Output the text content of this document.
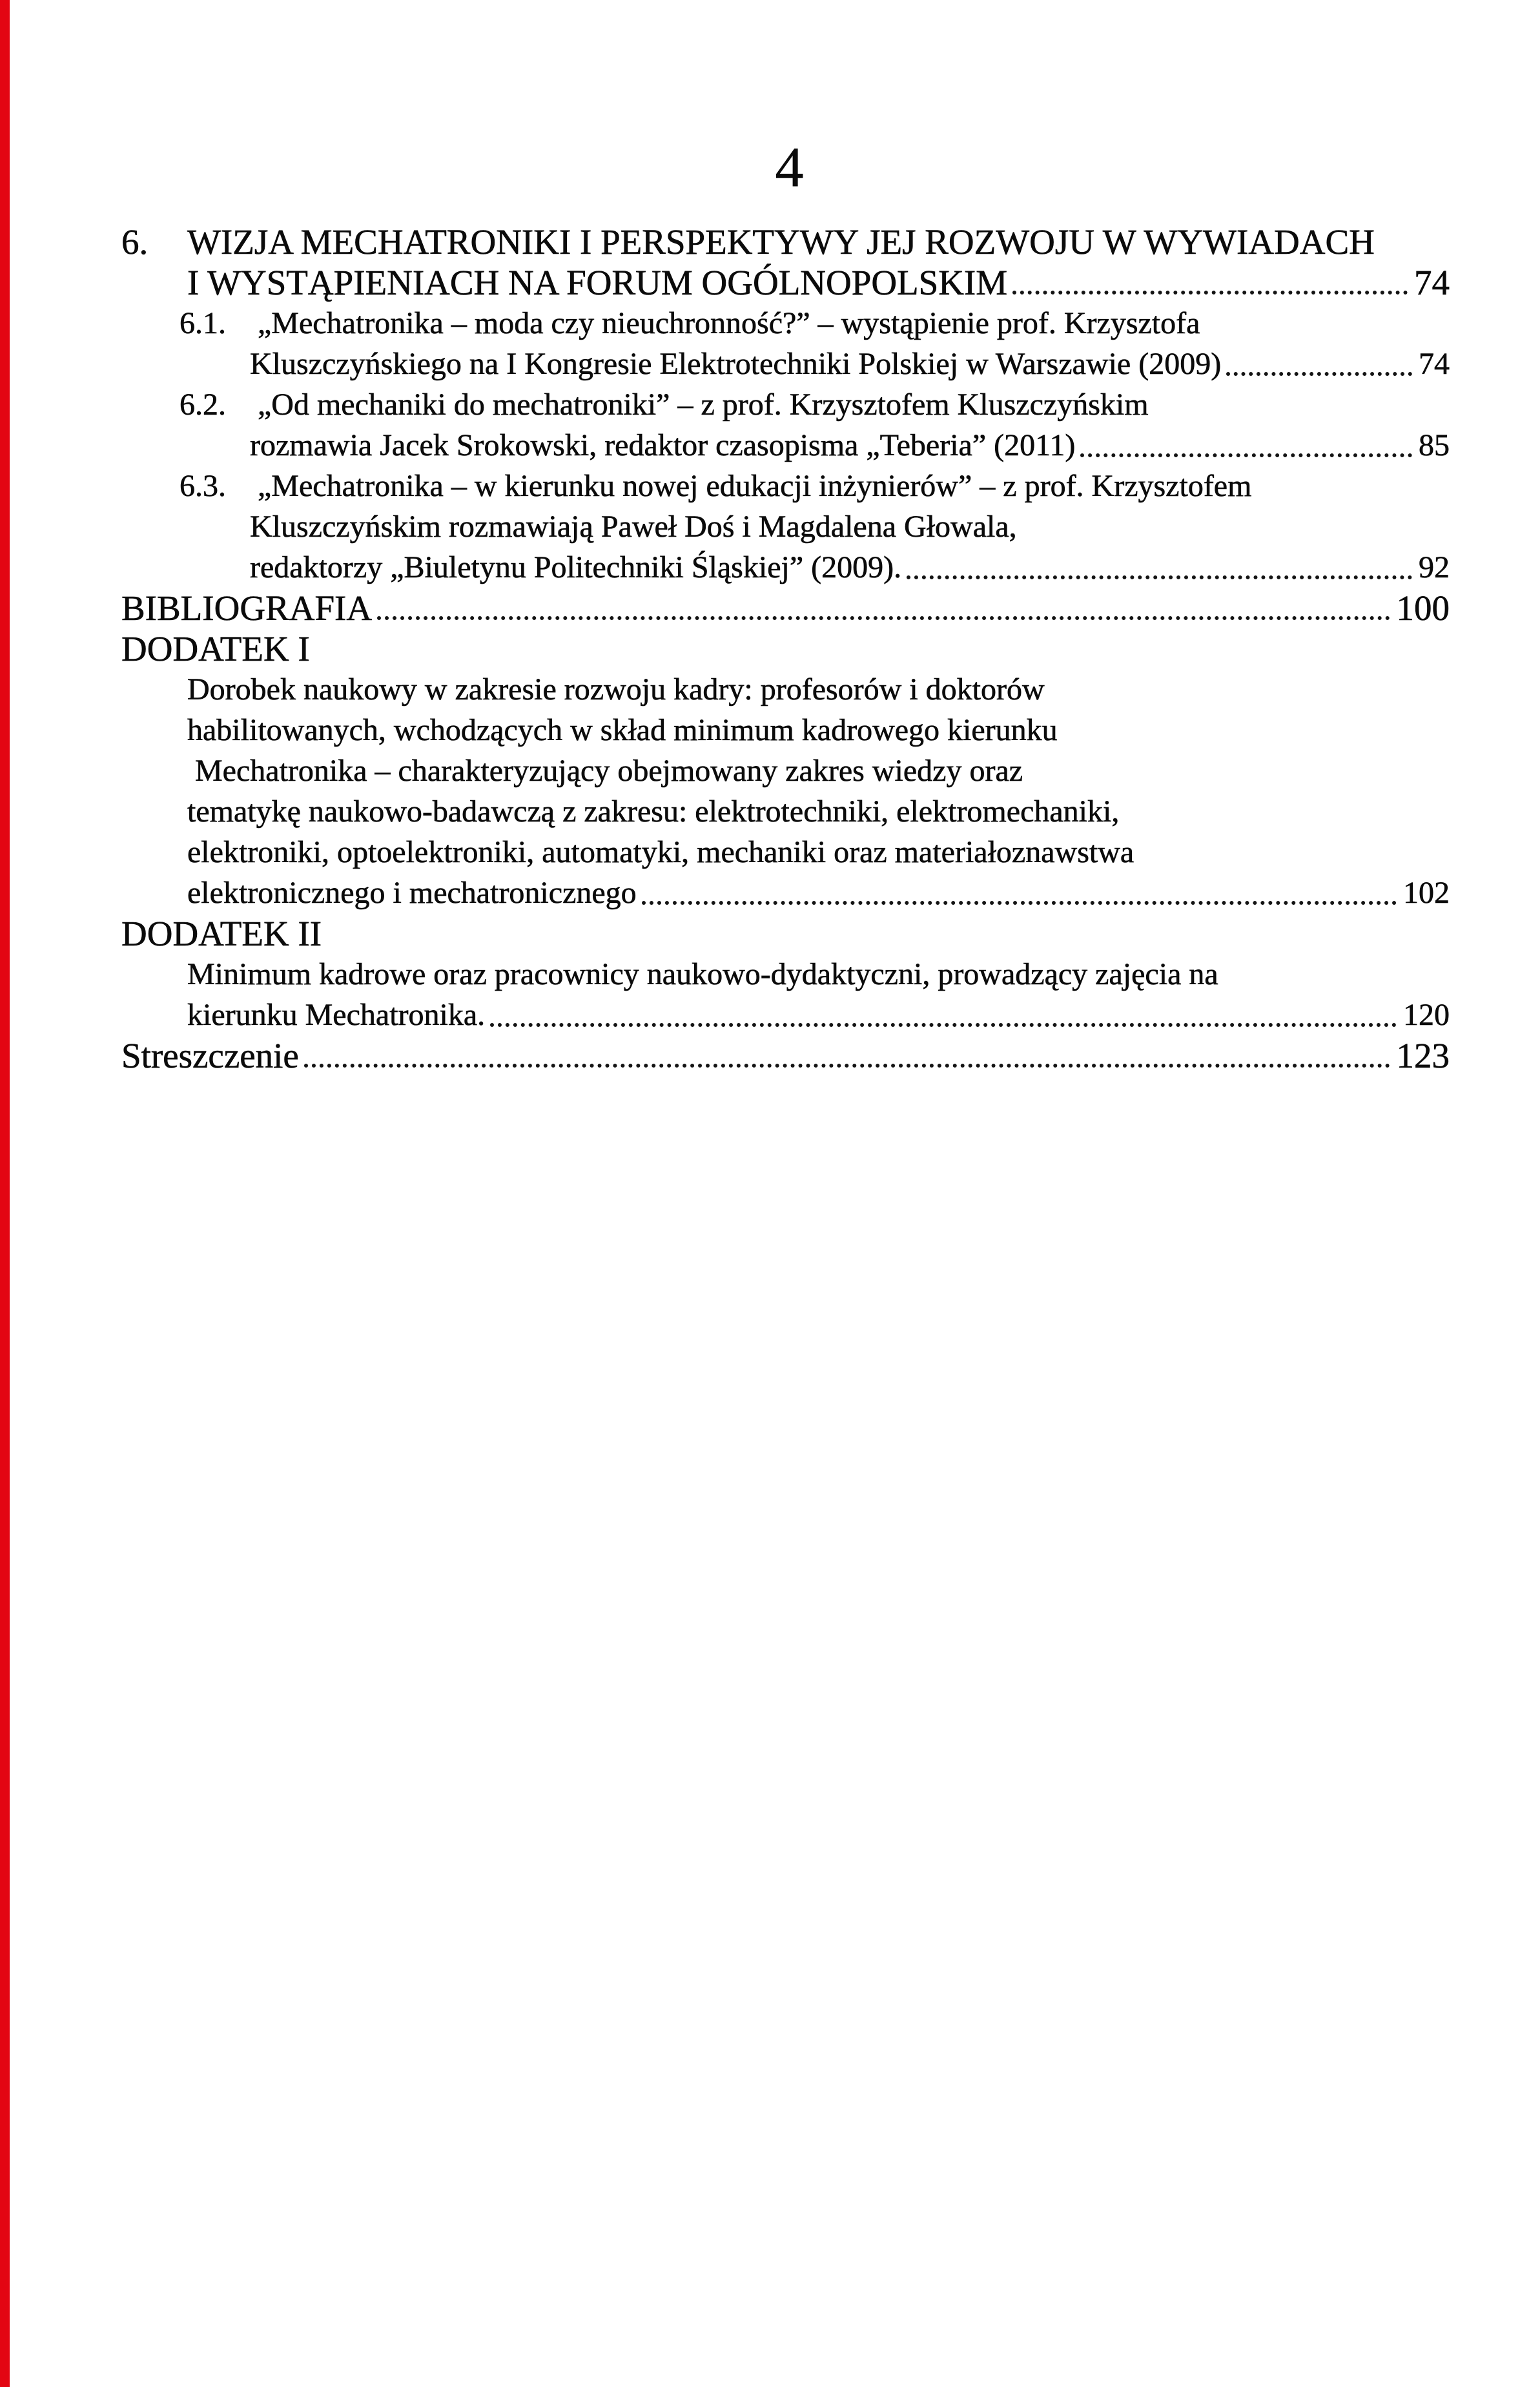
4
6.	WIZJA MECHATRONIKI I PERSPEKTYWY JEJ ROZWOJU W WYWIADACH
I WYSTĄPIENIACH NA FORUM OGÓLNOPOLSKIM	74
6.1.	„Mechatronika – moda czy nieuchronność?” – wystąpienie prof. Krzysztofa
Kluszczyńskiego na I Kongresie Elektrotechniki Polskiej w Warszawie (2009)	74
6.2.	„Od mechaniki do mechatroniki” – z prof. Krzysztofem Kluszczyńskim
rozmawia Jacek Srokowski, redaktor czasopisma „Teberia” (2011)	85
6.3.	„Mechatronika – w kierunku nowej edukacji inżynierów” – z prof. Krzysztofem
Kluszczyńskim rozmawiają Paweł Doś i Magdalena Głowala,
redaktorzy „Biuletynu Politechniki Śląskiej” (2009).	92
BIBLIOGRAFIA	100
DODATEK I
Dorobek naukowy w zakresie rozwoju kadry: profesorów i doktorów
habilitowanych, wchodzących w skład minimum kadrowego kierunku
Mechatronika – charakteryzujący obejmowany zakres wiedzy oraz
tematykę naukowo-badawczą z zakresu: elektrotechniki, elektromechaniki,
elektroniki, optoelektroniki, automatyki, mechaniki oraz materiałoznawstwa
elektronicznego i mechatronicznego	102
DODATEK II
Minimum kadrowe oraz pracownicy naukowo-dydaktyczni, prowadzący zajęcia na
kierunku Mechatronika.	120
Streszczenie	123
